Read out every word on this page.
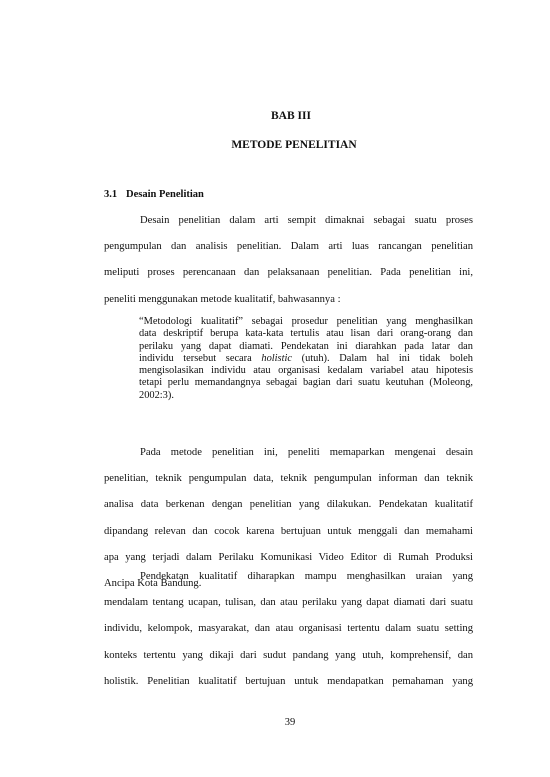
BAB III
METODE PENELITIAN
3.1 Desain Penelitian
Desain penelitian dalam arti sempit dimaknai sebagai suatu proses
pengumpulan dan analisis penelitian. Dalam arti luas rancangan penelitian
meliputi proses perencanaan dan pelaksanaan penelitian. Pada penelitian ini,
peneliti menggunakan metode kualitatif, bahwasannya :
“Metodologi kualitatif” sebagai prosedur penelitian yang menghasilkan
data deskriptif berupa kata-kata tertulis atau lisan dari orang-orang dan
perilaku yang dapat diamati. Pendekatan ini diarahkan pada latar dan
individu tersebut secara holistic (utuh). Dalam hal ini tidak boleh
mengisolasikan individu atau organisasi kedalam variabel atau hipotesis
tetapi perlu memandangnya sebagai bagian dari suatu keutuhan (Moleong,
2002:3).
Pada metode penelitian ini, peneliti memaparkan mengenai desain
penelitian, teknik pengumpulan data, teknik pengumpulan informan dan teknik
analisa data berkenan dengan penelitian yang dilakukan. Pendekatan kualitatif
dipandang relevan dan cocok karena bertujuan untuk menggali dan memahami
apa yang terjadi dalam Perilaku Komunikasi Video Editor di Rumah Produksi
Ancipa Kota Bandung.
Pendekatan kualitatif diharapkan mampu menghasilkan uraian yang
mendalam tentang ucapan, tulisan, dan atau perilaku yang dapat diamati dari suatu
individu, kelompok, masyarakat, dan atau organisasi tertentu dalam suatu setting
konteks tertentu yang dikaji dari sudut pandang yang utuh, komprehensif, dan
holistik. Penelitian kualitatif bertujuan untuk mendapatkan pemahaman yang

39
